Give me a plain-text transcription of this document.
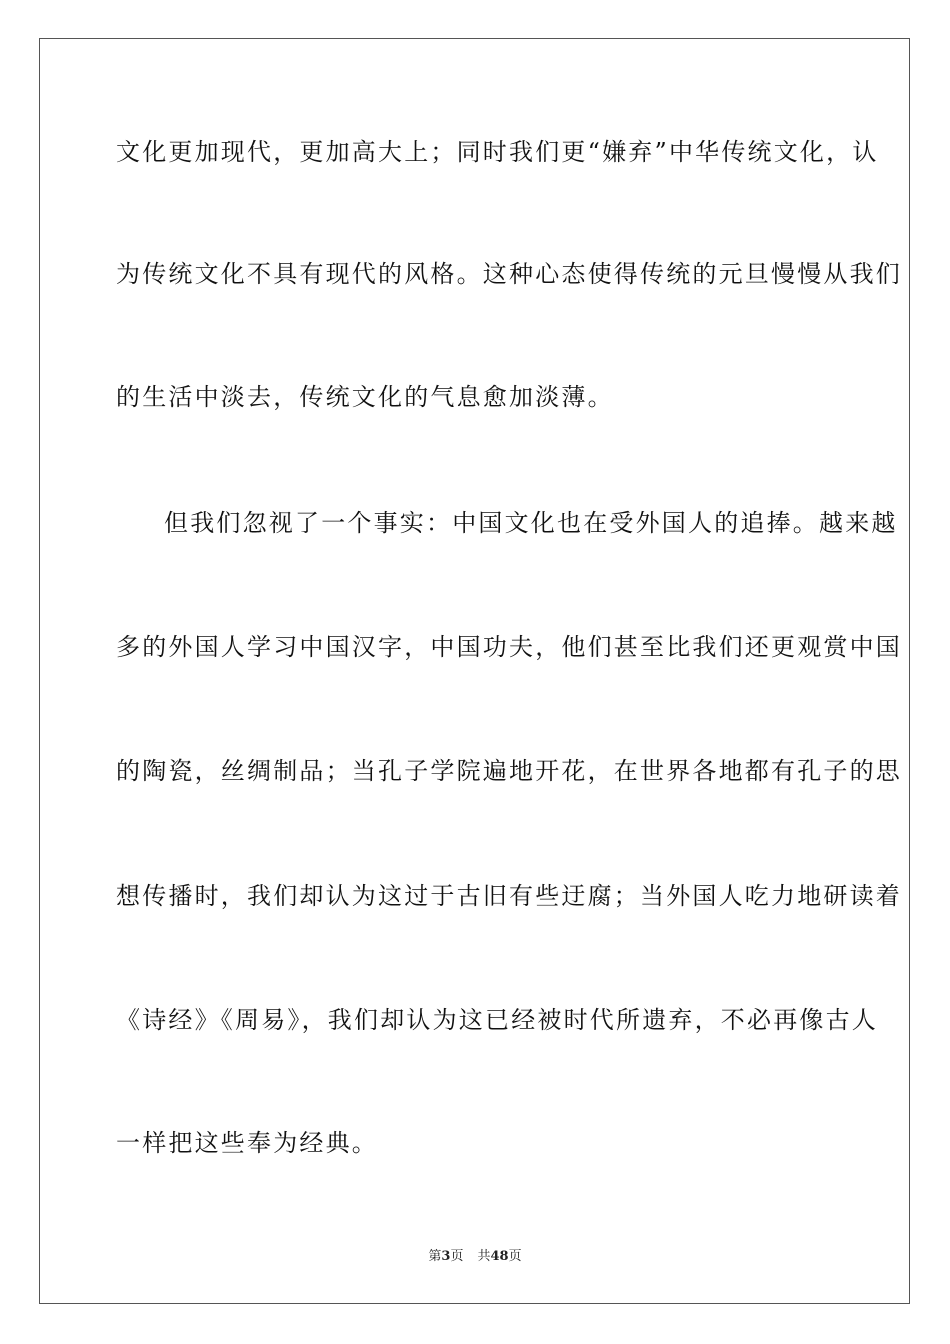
文化更加现代，更加高大上；同时我们更“嫌弃”中华传统文化，认
为传统文化不具有现代的风格。这种心态使得传统的元旦慢慢从我们
的生活中淡去，传统文化的气息愈加淡薄。
但我们忽视了一个事实：中国文化也在受外国人的追捧。越来越
多的外国人学习中国汉字，中国功夫，他们甚至比我们还更观赏中国
的陶瓷，丝绸制品；当孔子学院遍地开花，在世界各地都有孔子的思
想传播时，我们却认为这过于古旧有些迂腐；当外国人吃力地研读着
《诗经》《周易》，我们却认为这已经被时代所遗弃，不必再像古人
一样把这些奉为经典。
第3页 共48页
